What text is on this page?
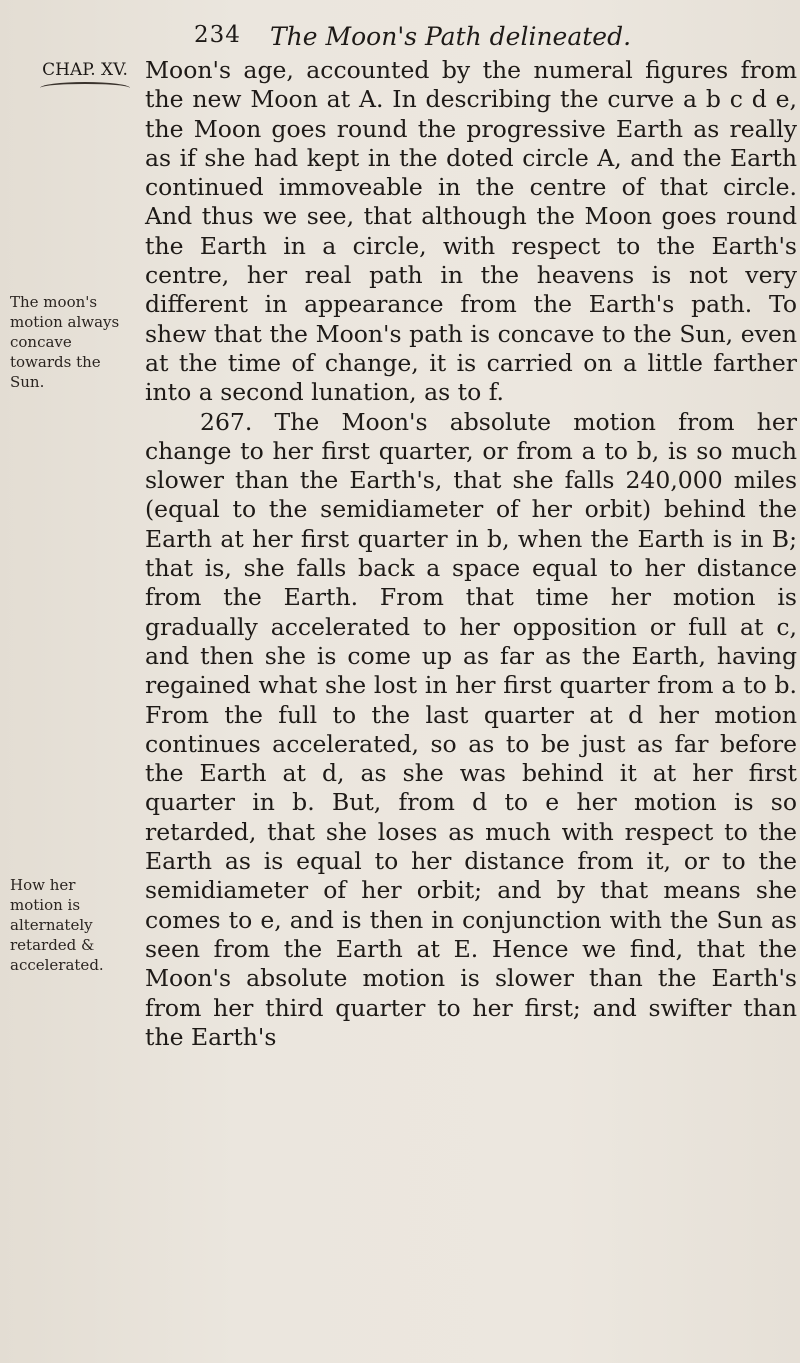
234 The Moon's Path delineated.
CHAP. XV.
The moon's motion always concave towards the Sun.
How her motion is alternately retarded & accelerated.

Moon's age, accounted by the numeral figures from the new Moon at A. In describing the curve a b c d e, the Moon goes round the progressive Earth as really as if she had kept in the doted circle A, and the Earth continued immoveable in the centre of that circle. And thus we see, that although the Moon goes round the Earth in a circle, with respect to the Earth's centre, her real path in the heavens is not very different in appearance from the Earth's path. To shew that the Moon's path is concave to the Sun, even at the time of change, it is carried on a little farther into a second lunation, as to f.

267. The Moon's absolute motion from her change to her first quarter, or from a to b, is so much slower than the Earth's, that she falls 240,000 miles (equal to the semidiameter of her orbit) behind the Earth at her first quarter in b, when the Earth is in B; that is, she falls back a space equal to her distance from the Earth. From that time her motion is gradually accelerated to her opposition or full at c, and then she is come up as far as the Earth, having regained what she lost in her first quarter from a to b. From the full to the last quarter at d her motion continues accelerated, so as to be just as far before the Earth at d, as she was behind it at her first quarter in b. But, from d to e her motion is so retarded, that she loses as much with respect to the Earth as is equal to her distance from it, or to the semidiameter of her orbit; and by that means she comes to e, and is then in conjunction with the Sun as seen from the Earth at E. Hence we find, that the Moon's absolute motion is slower than the Earth's from her third quarter to her first; and swifter than the Earth's
